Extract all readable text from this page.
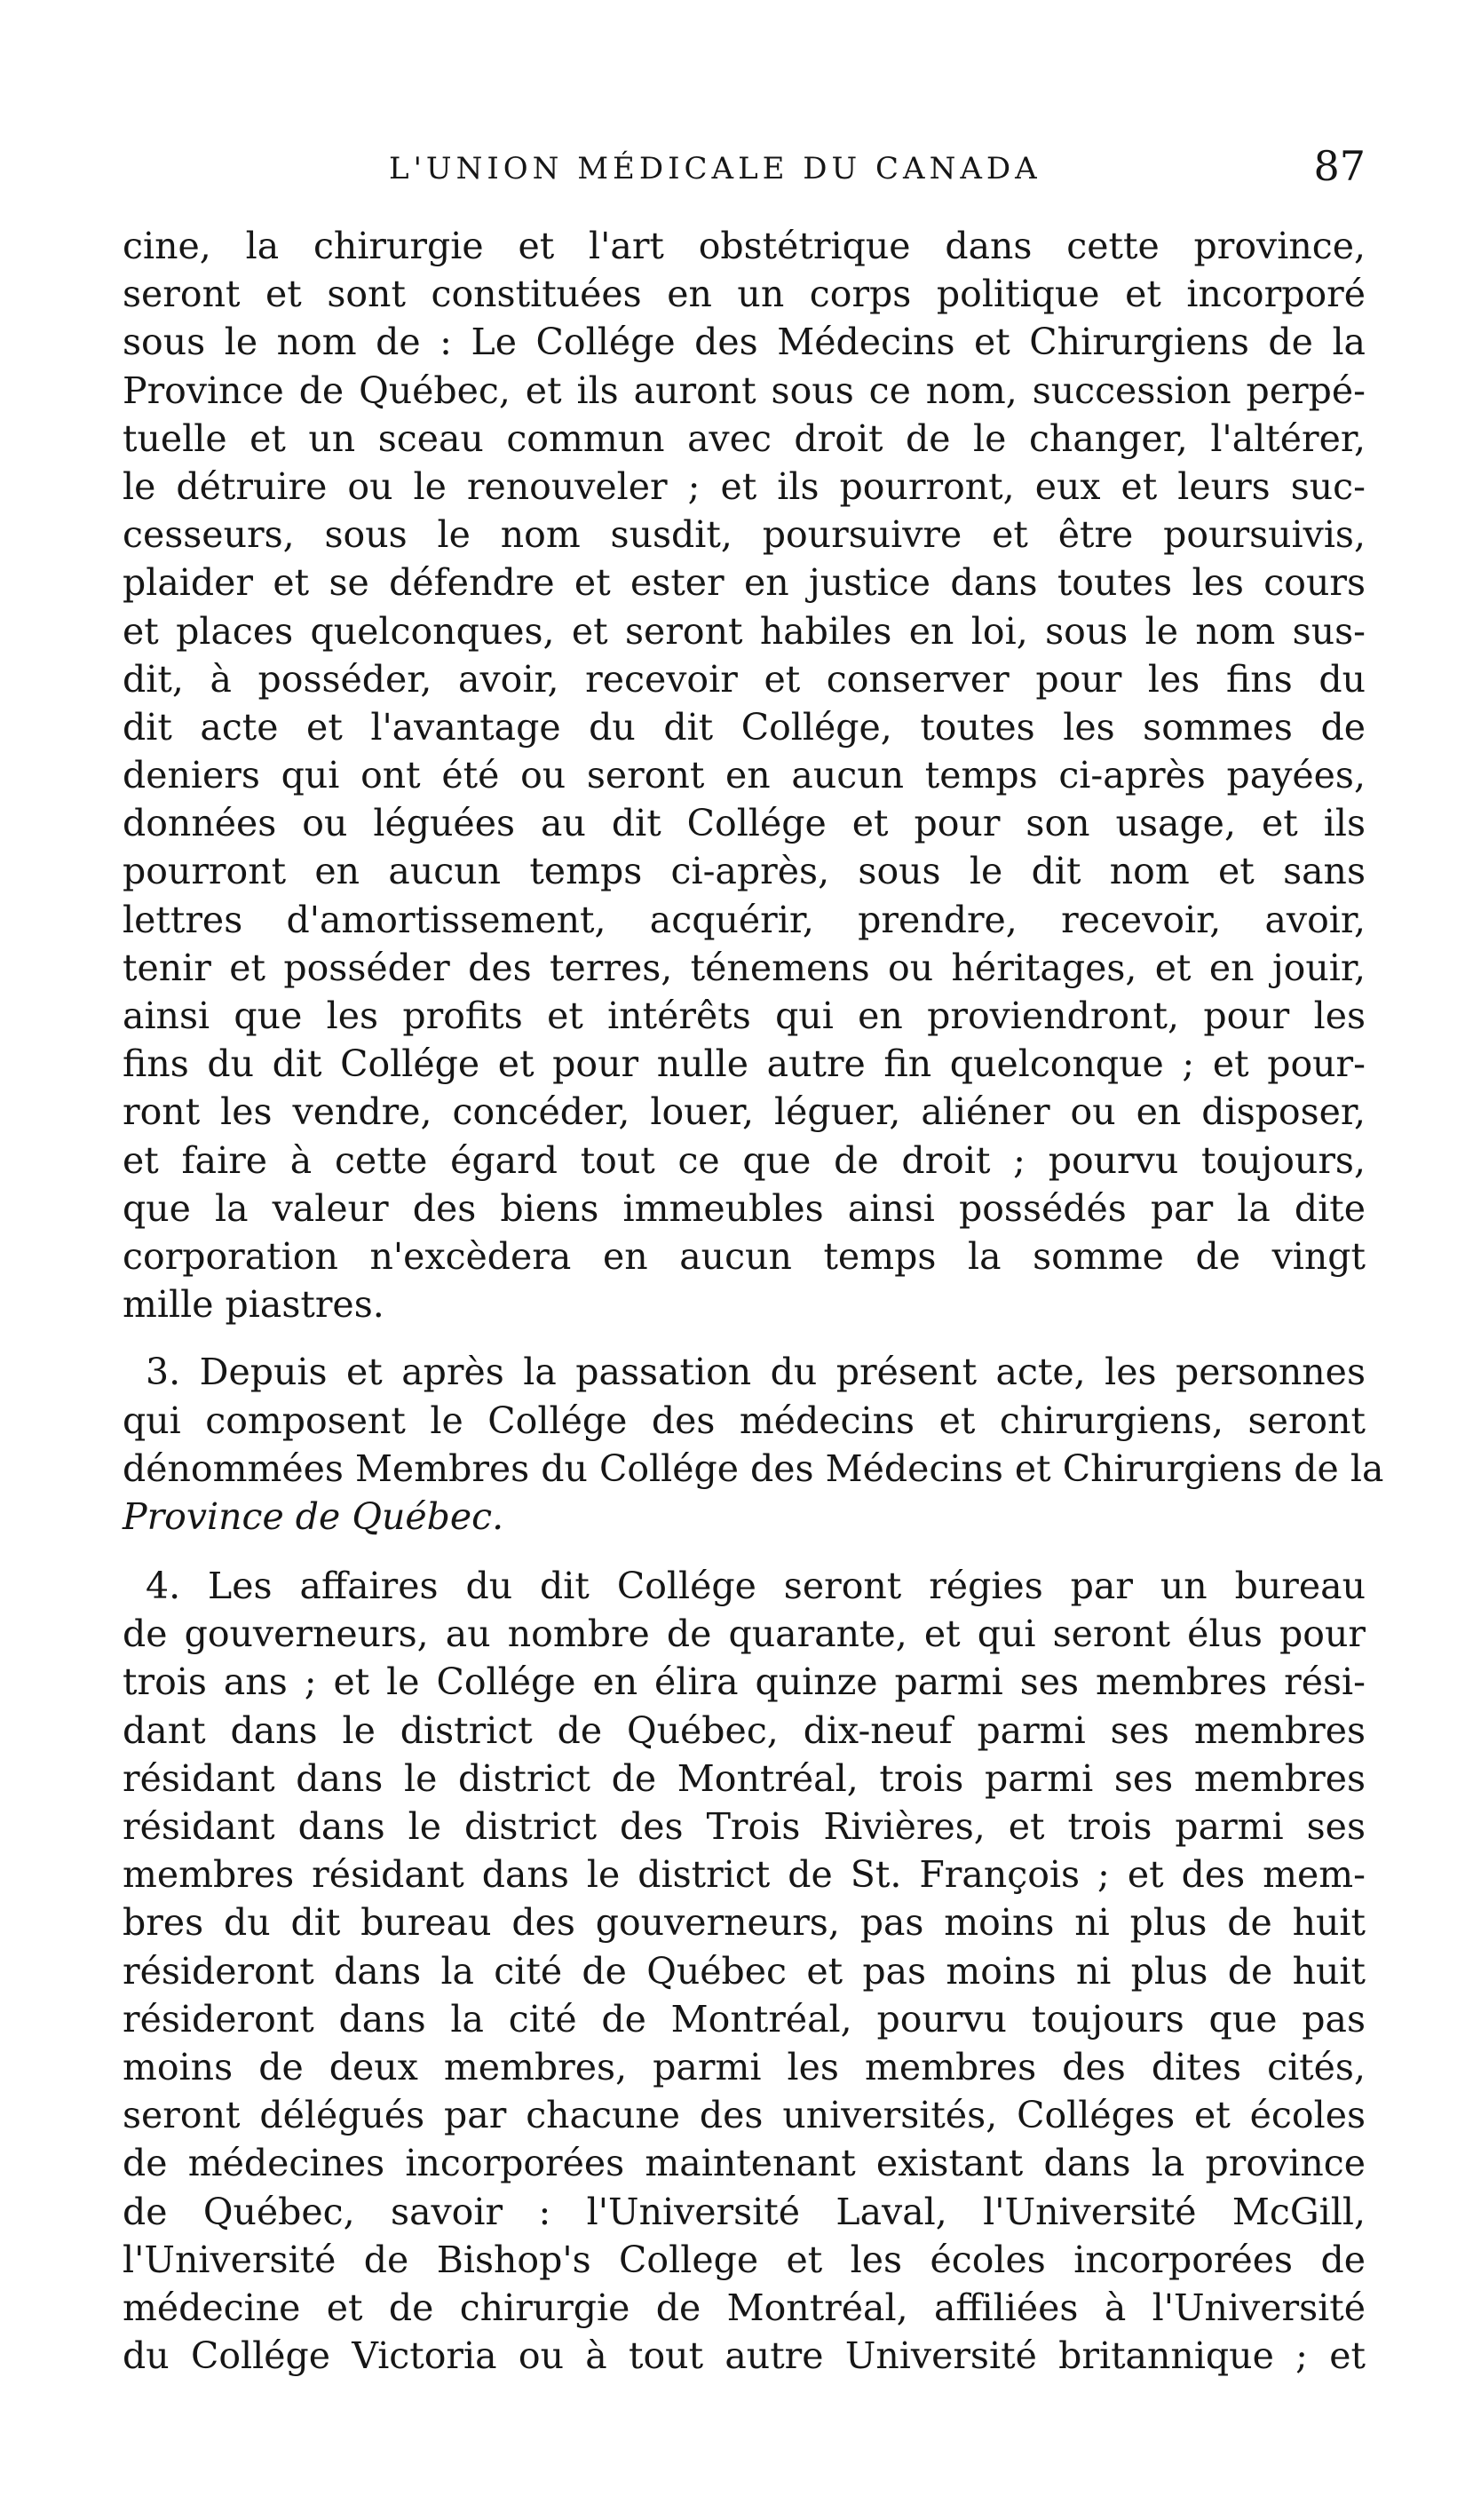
L'UNION MÉDICALE DU CANADA	87
cine, la chirurgie et l'art obstétrique dans cette province,
seront et sont constituées en un corps politique et incorporé
sous le nom de : Le Collége des Médecins et Chirurgiens de la
Province de Québec, et ils auront sous ce nom, succession perpé-
tuelle et un sceau commun avec droit de le changer, l'altérer,
le détruire ou le renouveler ; et ils pourront, eux et leurs suc-
cesseurs, sous le nom susdit, poursuivre et être poursuivis,
plaider et se défendre et ester en justice dans toutes les cours
et places quelconques, et seront habiles en loi, sous le nom sus-
dit, à posséder, avoir, recevoir et conserver pour les fins du
dit acte et l'avantage du dit Collége, toutes les sommes de
deniers qui ont été ou seront en aucun temps ci-après payées,
données ou léguées au dit Collége et pour son usage, et ils
pourront en aucun temps ci-après, sous le dit nom et sans
lettres d'amortissement, acquérir, prendre, recevoir, avoir,
tenir et posséder des terres, ténemens ou héritages, et en jouir,
ainsi que les profits et intérêts qui en proviendront, pour les
fins du dit Collége et pour nulle autre fin quelconque ; et pour-
ront les vendre, concéder, louer, léguer, aliéner ou en disposer,
et faire à cette égard tout ce que de droit ; pourvu toujours,
que la valeur des biens immeubles ainsi possédés par la dite
corporation n'excèdera en aucun temps la somme de vingt
mille piastres.
3. Depuis et après la passation du présent acte, les personnes
qui composent le Collége des médecins et chirurgiens, seront
dénommées Membres du Collége des Médecins et Chirurgiens de la
Province de Québec.
4. Les affaires du dit Collége seront régies par un bureau
de gouverneurs, au nombre de quarante, et qui seront élus pour
trois ans ; et le Collége en élira quinze parmi ses membres rési-
dant dans le district de Québec, dix-neuf parmi ses membres
résidant dans le district de Montréal, trois parmi ses membres
résidant dans le district des Trois Rivières, et trois parmi ses
membres résidant dans le district de St. François ; et des mem-
bres du dit bureau des gouverneurs, pas moins ni plus de huit
résideront dans la cité de Québec et pas moins ni plus de huit
résideront dans la cité de Montréal, pourvu toujours que pas
moins de deux membres, parmi les membres des dites cités,
seront délégués par chacune des universités, Colléges et écoles
de médecines incorporées maintenant existant dans la province
de Québec, savoir : l'Université Laval, l'Université McGill,
l'Université de Bishop's College et les écoles incorporées de
médecine et de chirurgie de Montréal, affiliées à l'Université
du Collége Victoria ou à tout autre Université britannique ; et
